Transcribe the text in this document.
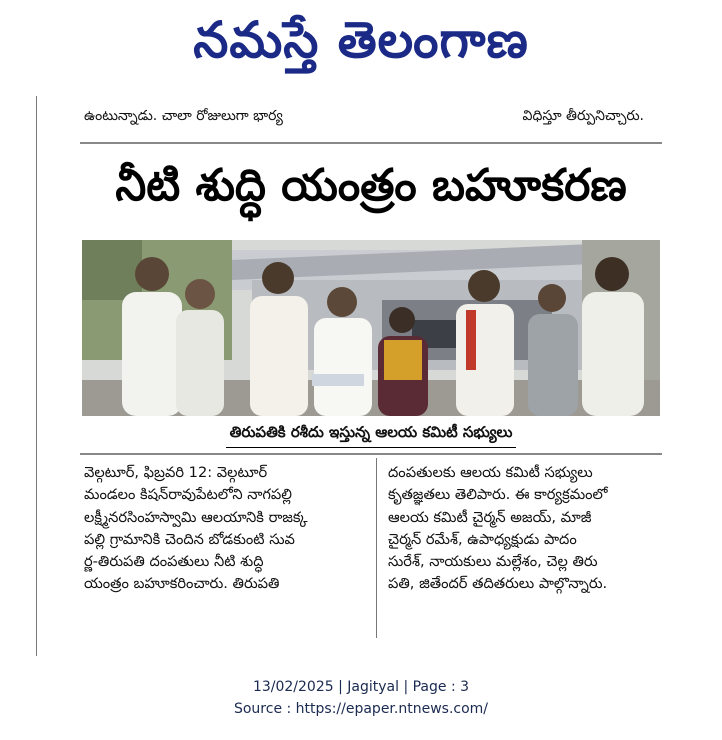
నమస్తే తెలంగాణ
ఉంటున్నాడు. చాలా రోజులుగా భార్య	విధిస్తూ తీర్పునిచ్చారు.
నీటి శుద్ధి యంత్రం బహూకరణ
తిరుపతికి రశీదు ఇస్తున్న ఆలయ కమిటీ సభ్యులు

వెల్గటూర్, ఫిబ్రవరి 12: వెల్గటూర్

మండలం కిషన్‌రావుపేటలోని నాగపల్లి

లక్ష్మీనరసింహస్వామి ఆలయానికి రాజక్క

పల్లి గ్రామానికి చెందిన బోడకుంటి సువ

ర్ణ-తిరుపతి దంపతులు నీటి శుద్ధి

యంత్రం బహూకరించారు. తిరుపతి

దంపతులకు ఆలయ కమిటీ సభ్యులు

కృతజ్ఞతలు తెలిపారు. ఈ కార్యక్రమంలో

ఆలయ కమిటీ చైర్మన్ అజయ్, మాజీ

చైర్మన్ రమేశ్, ఉపాధ్యక్షుడు పాదం

సురేశ్, నాయకులు మల్లేశం, చెల్ల తిరు

పతి, జితేందర్ తదితరులు పాల్గొన్నారు.

13/02/2025 | Jagityal | Page : 3
Source : https://epaper.ntnews.com/
